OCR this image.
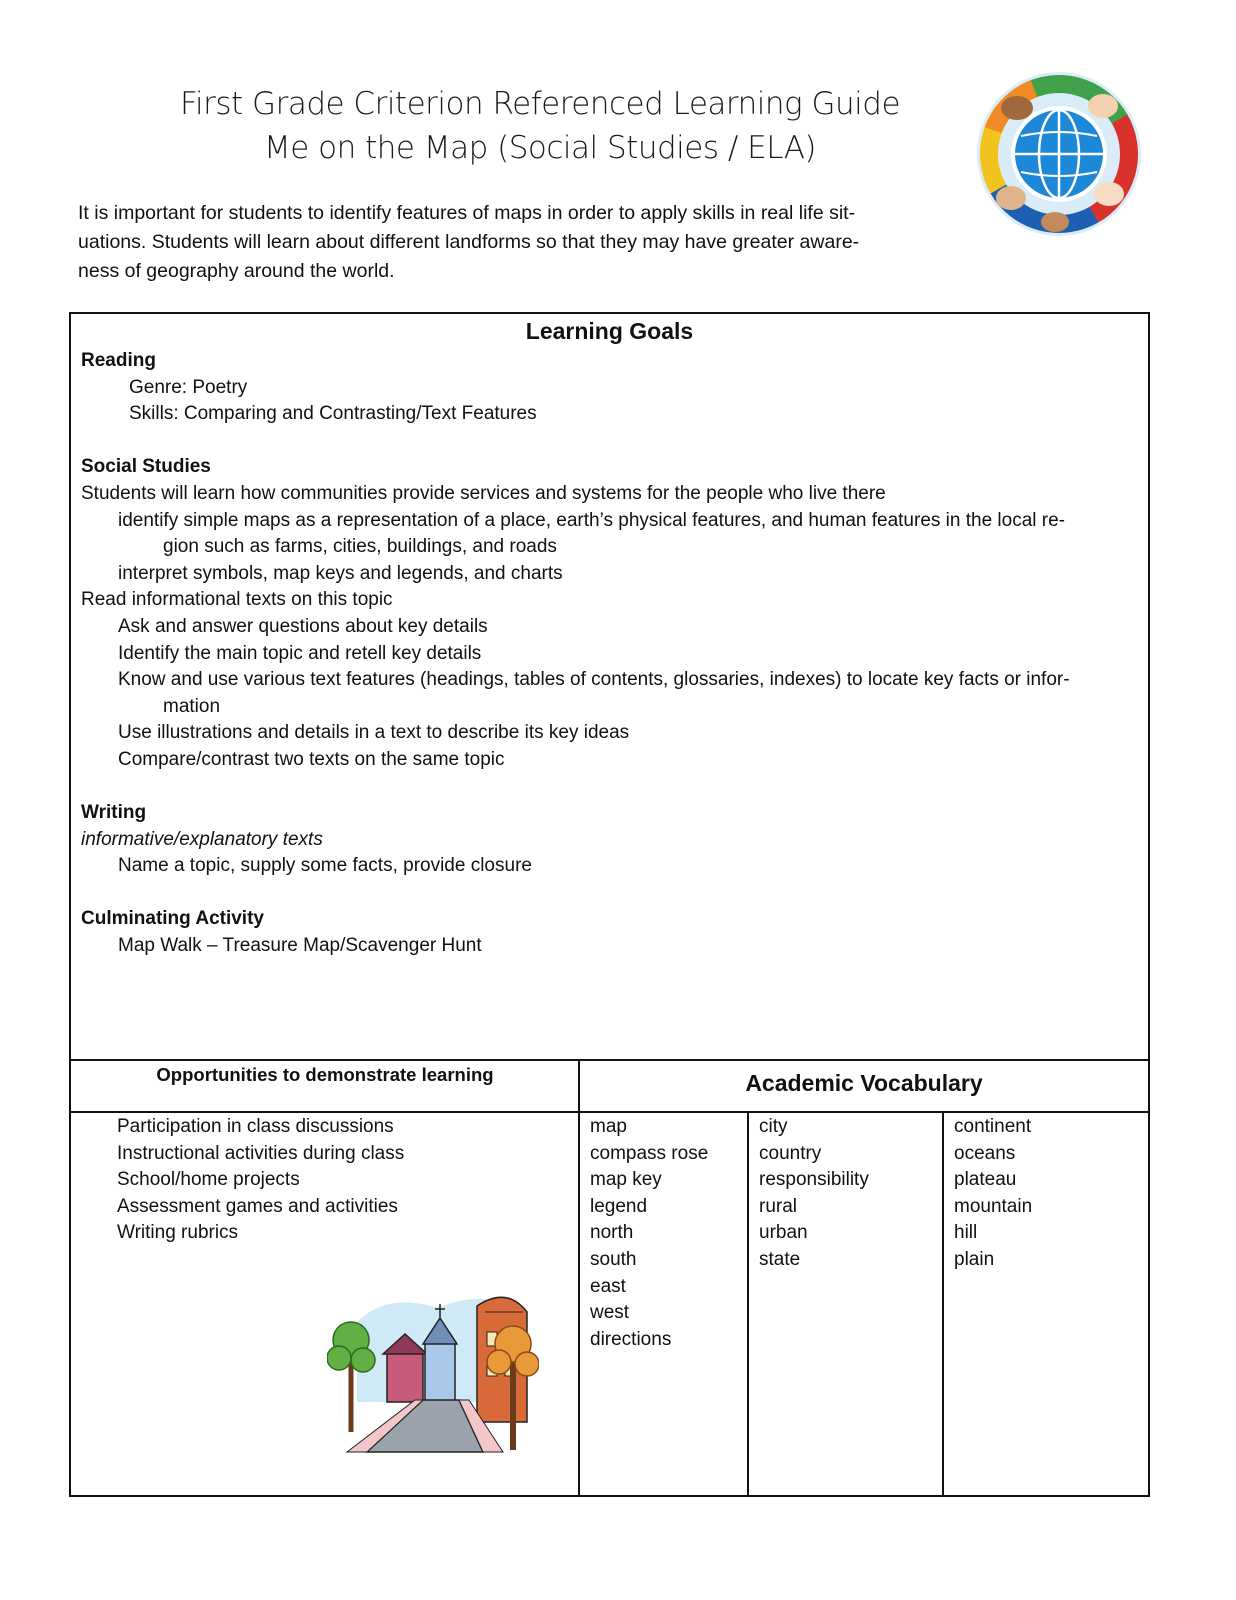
First Grade Criterion Referenced Learning Guide
Me on the Map (Social Studies / ELA)

It is important for students to identify features of maps in order to apply skills in real life sit-

uations. Students will learn about different landforms so that they may have greater aware-

ness of geography around the world.

Learning Goals
Reading
Genre: Poetry
Skills: Comparing and Contrasting/Text Features
Social Studies
Students will learn how communities provide services and systems for the people who live there
identify simple maps as a representation of a place, earth’s physical features, and human features in the local re-
gion such as farms, cities, buildings, and roads
interpret symbols, map keys and legends, and charts
Read informational texts on this topic
Ask and answer questions about key details
Identify the main topic and retell key details
Know and use various text features (headings, tables of contents, glossaries, indexes) to locate key facts or infor-
mation
Use illustrations and details in a text to describe its key ideas
Compare/contrast two texts on the same topic
Writing
informative/explanatory texts
Name a topic, supply some facts, provide closure
Culminating Activity
Map Walk – Treasure Map/Scavenger Hunt
Opportunities to demonstrate learning	Academic Vocabulary
Participation in class discussions
Instructional activities during class
School/home projects
Assessment games and activities
Writing rubrics
map
compass rose
map key
legend
north
south
east
west
directions
city
country
responsibility
rural
urban
state
continent
oceans
plateau
mountain
hill
plain
